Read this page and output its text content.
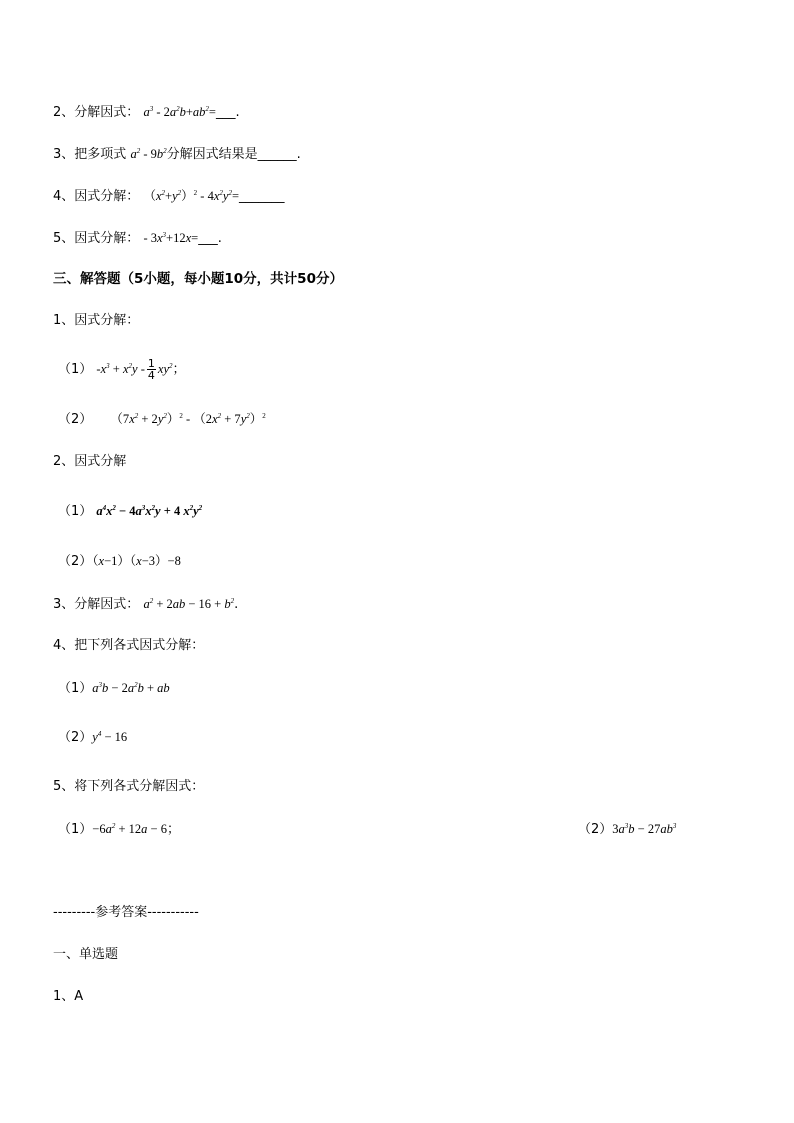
2、分解因式： $a^3$ - $2a^2b+ab^2=\_\_\_$.
3、把多项式 $a^2 - 9b^2$分解因式结果是______.
4、因式分解： $(x^2+y^2)^2$ - $4x^2y^2=\_\_\_\_\_\_\_$
5、因式分解： - $3x^3+12x=\_\_\_$.
三、解答题（5小题，每小题10分，共计50分）
1、因式分解：
（1） $-x^3 + x^2y - \frac{1}{4} xy^2$；
（2） $(7x^2 + 2y^2)^2 - (2x^2 + 7y^2)^2$
2、因式分解
（1） $a^4x^2 - 4a^3x^2y + 4$ $x^2y^2$
（2）（x−1）（x−3）−8
3、分解因式： $a^2 + 2ab - 16 + b^2$.
4、把下列各式因式分解：
$(1)a^3b - 2a^2b$ + ab
$(2)y^4 - 16$
5、将下列各式分解因式：
$(1)-6a^2 + 12a - 6$；	$(2)3a^3b - 27ab^3$
---------参考答案-----------
一、单选题
1、A
